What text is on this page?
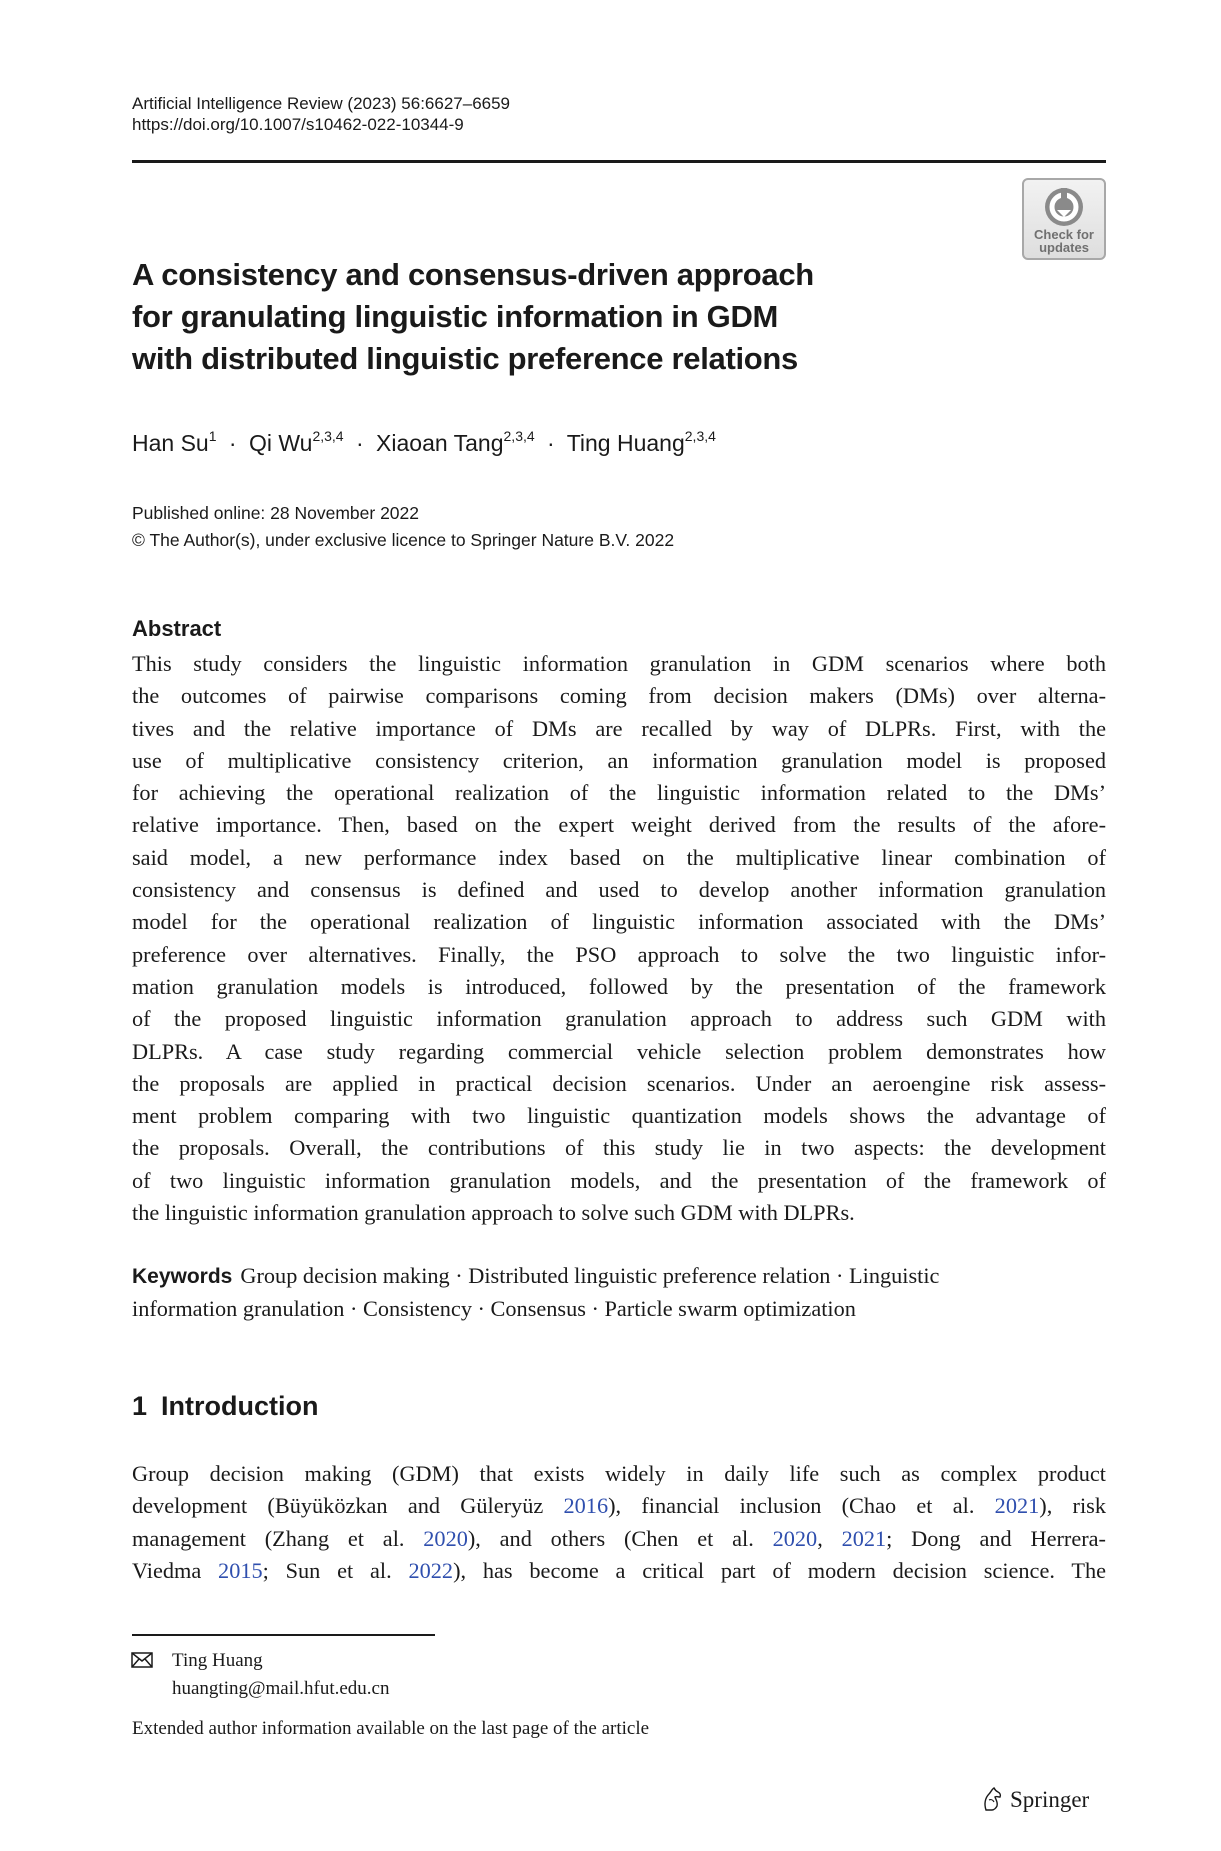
Artificial Intelligence Review (2023) 56:6627–6659
https://doi.org/10.1007/s10462-022-10344-9
Check for
updates
A consistency and consensus-driven approach
for granulating linguistic information in GDM
with distributed linguistic preference relations
Han $Su^1 \cdot Qi$ Wu$^{2,3,4}$ · Xiaoan Tang$^{2,3,4}$ · Ting Huang$^{2,3,4}$
Published online: 28 November 2022
© The Author(s), under exclusive licence to Springer Nature B.V. 2022
Abstract
This study considers the linguistic information granulation in GDM scenarios where both
the outcomes of pairwise comparisons coming from decision makers (DMs) over alterna-
tives and the relative importance of DMs are recalled by way of DLPRs. First, with the
use of multiplicative consistency criterion, an information granulation model is proposed
for achieving the operational realization of the linguistic information related to the DMs’
relative importance. Then, based on the expert weight derived from the results of the afore-
said model, a new performance index based on the multiplicative linear combination of
consistency and consensus is defined and used to develop another information granulation
model for the operational realization of linguistic information associated with the DMs’
preference over alternatives. Finally, the PSO approach to solve the two linguistic infor-
mation granulation models is introduced, followed by the presentation of the framework
of the proposed linguistic information granulation approach to address such GDM with
DLPRs. A case study regarding commercial vehicle selection problem demonstrates how
the proposals are applied in practical decision scenarios. Under an aeroengine risk assess-
ment problem comparing with two linguistic quantization models shows the advantage of
the proposals. Overall, the contributions of this study lie in two aspects: the development
of two linguistic information granulation models, and the presentation of the framework of
the linguistic information granulation approach to solve such GDM with DLPRs.
Keywords Group decision making · Distributed linguistic preference relation · Linguistic
information granulation · Consistency · Consensus · Particle swarm optimization
1 Introduction
Group decision making (GDM) that exists widely in daily life such as complex product
development (Büyüközkan and Güleryüz 2016), financial inclusion (Chao et al. 2021), risk
management (Zhang et al. 2020), and others (Chen et al. 2020, 2021; Dong and Herrera-
Viedma 2015; Sun et al. 2022), has become a critical part of modern decision science. The
Ting Huang
huangting@mail.hfut.edu.cn
Extended author information available on the last page of the article
Springer
